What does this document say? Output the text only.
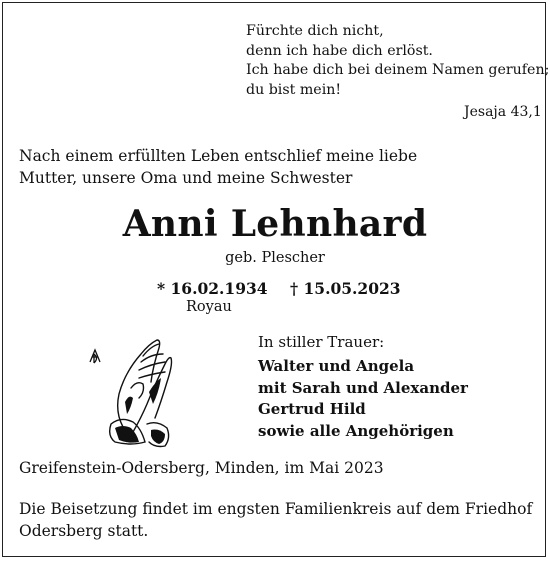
Fürchte dich nicht,
denn ich habe dich erlöst.
Ich habe dich bei deinem Namen gerufen;
du bist mein!
Jesaja 43,1
Nach einem erfüllten Leben entschlief meine liebe
Mutter, unsere Oma und meine Schwester
Anni Lehnhard
geb. Plescher
* 16.02.1934
Royau
† 15.05.2023
In stiller Trauer:
Walter und Angela
mit Sarah und Alexander
Gertrud Hild
sowie alle Angehörigen
Greifenstein-Odersberg, Minden, im Mai 2023
Die Beisetzung findet im engsten Familienkreis auf dem Friedhof
Odersberg statt.
